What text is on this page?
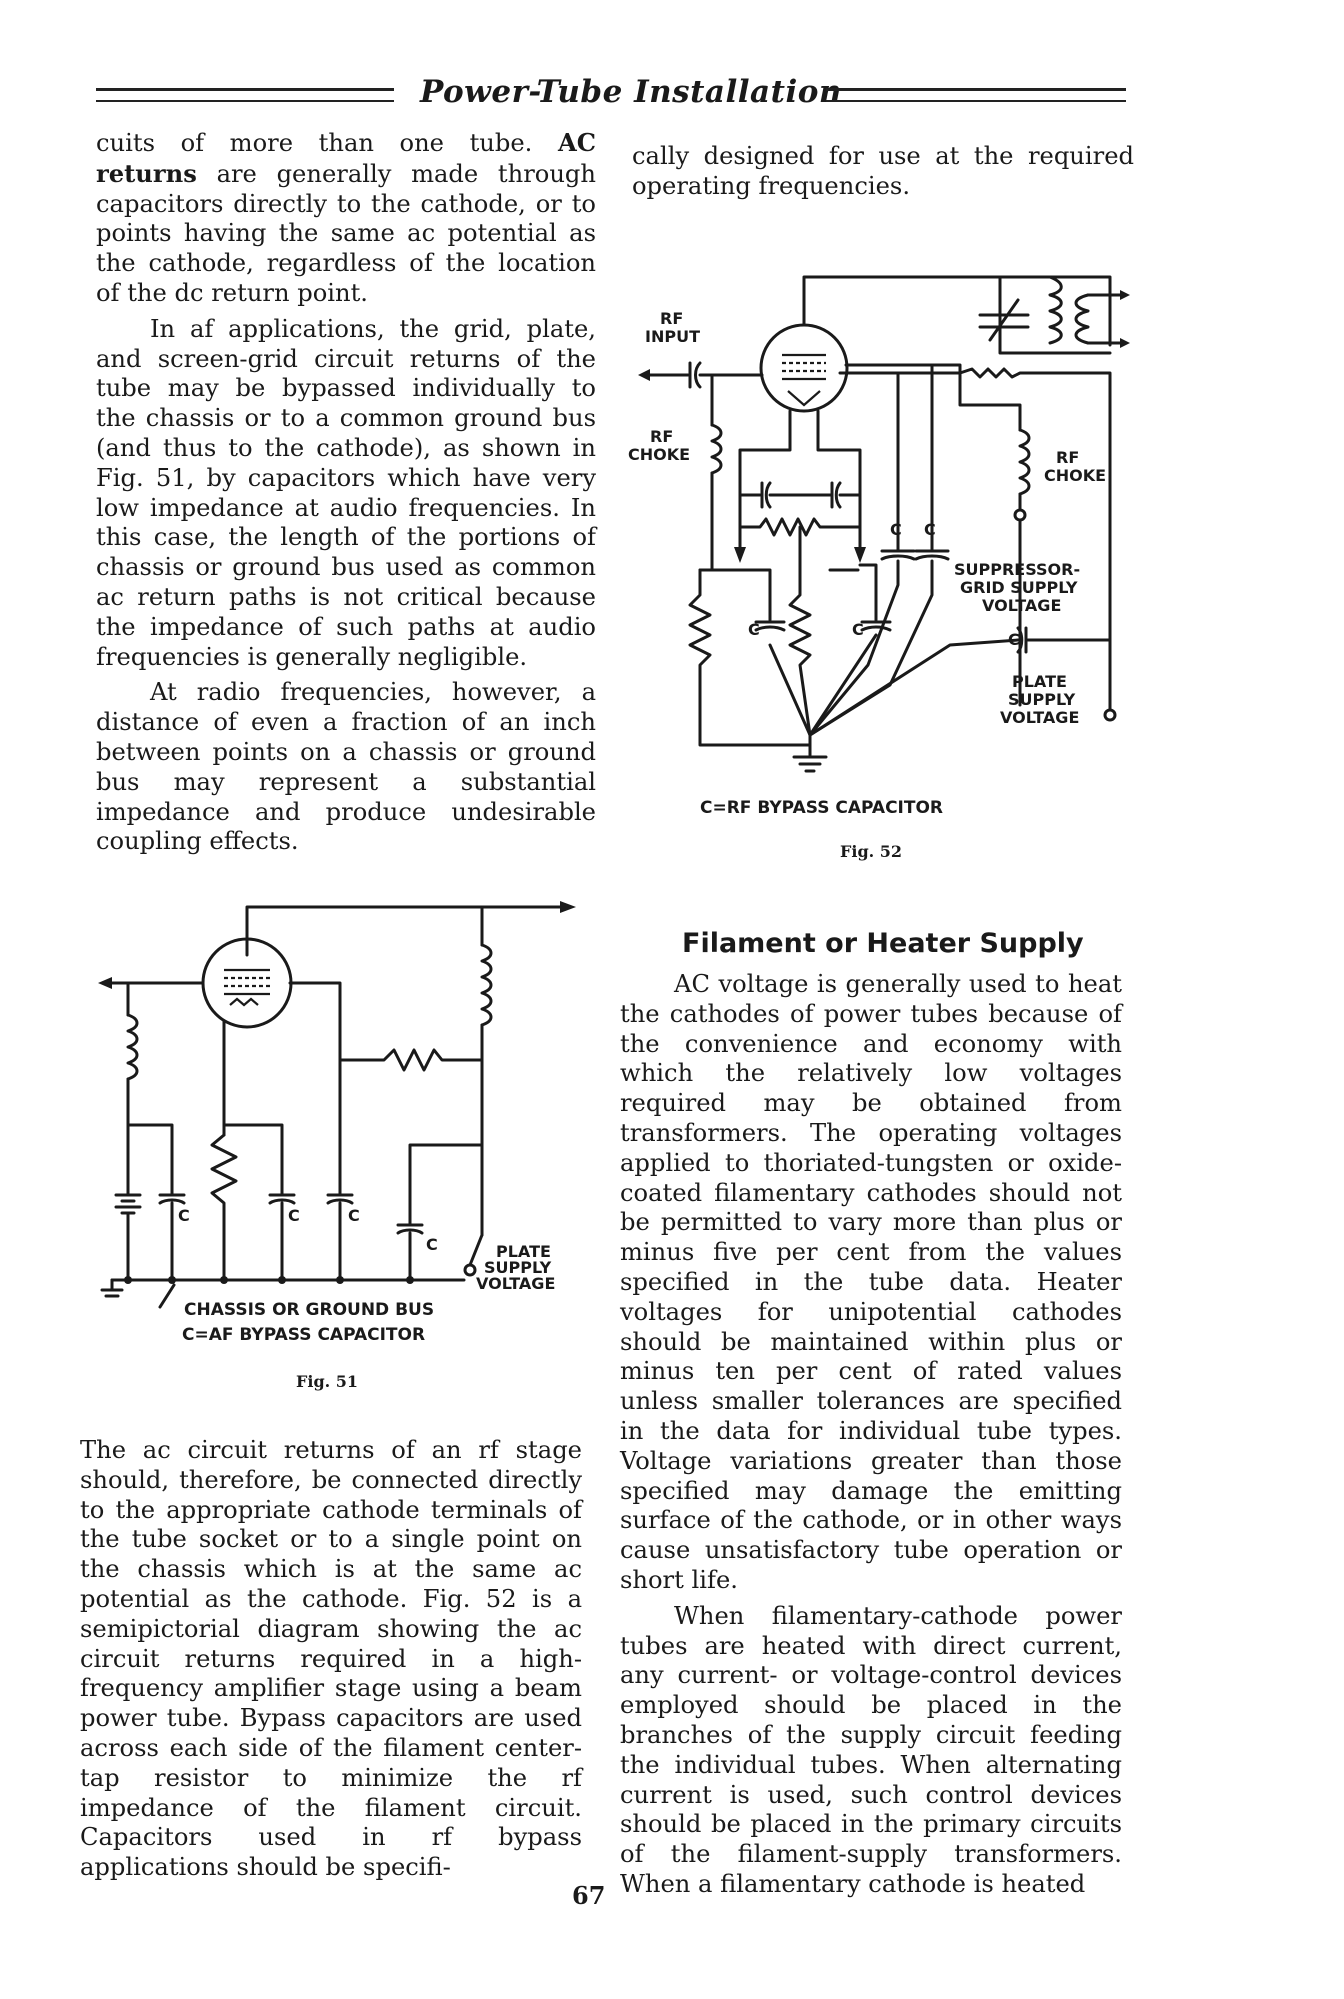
Power-Tube Installation

cuits of more than one tube. AC returns are generally made through capacitors directly to the cathode, or to points having the same ac potential as the cathode, regardless of the location of the dc return point.

In af applications, the grid, plate, and screen-grid circuit returns of the tube may be bypassed individually to the chassis or to a common ground bus (and thus to the cathode), as shown in Fig. 51, by capacitors which have very low impedance at audio frequencies. In this case, the length of the portions of chassis or ground bus used as common ac return paths is not critical because the impedance of such paths at audio frequencies is generally negligible.

At radio frequencies, however, a distance of even a fraction of an inch between points on a chassis or ground bus may represent a substantial impedance and produce undesirable coupling effects.

cally designed for use at the required operating frequencies.

RF
INPUT
RF
CHOKE	RF
CHOKE
SUPPRESSOR-
GRID SUPPLY
VOLTAGE
PLATE
SUPPLY
VOLTAGE
C C
C	C
C
C=RF BYPASS CAPACITOR
Fig. 52
C	C	C
C	PLATE
SUPPLY
VOLTAGE
CHASSIS OR GROUND BUS
C=AF BYPASS CAPACITOR
Fig. 51
Filament or Heater Supply

AC voltage is generally used to heat the cathodes of power tubes because of the convenience and economy with which the relatively low voltages required may be obtained from transformers. The operating voltages applied to thoriated-tungsten or oxide-coated filamentary cathodes should not be permitted to vary more than plus or minus five per cent from the values specified in the tube data. Heater voltages for unipotential cathodes should be maintained within plus or minus ten per cent of rated values unless smaller tolerances are specified in the data for individual tube types. Voltage variations greater than those specified may damage the emitting surface of the cathode, or in other ways cause unsatisfactory tube operation or short life.

When filamentary-cathode power tubes are heated with direct current, any current- or voltage-control devices employed should be placed in the branches of the supply circuit feeding the individual tubes. When alternating current is used, such control devices should be placed in the primary circuits of the filament-supply transformers. When a filamentary cathode is heated

The ac circuit returns of an rf stage should, therefore, be connected directly to the appropriate cathode terminals of the tube socket or to a single point on the chassis which is at the same ac potential as the cathode. Fig. 52 is a semipictorial diagram showing the ac circuit returns required in a high-frequency amplifier stage using a beam power tube. Bypass capacitors are used across each side of the filament center-tap resistor to minimize the rf impedance of the filament circuit. Capacitors used in rf bypass applications should be specifi-

67
